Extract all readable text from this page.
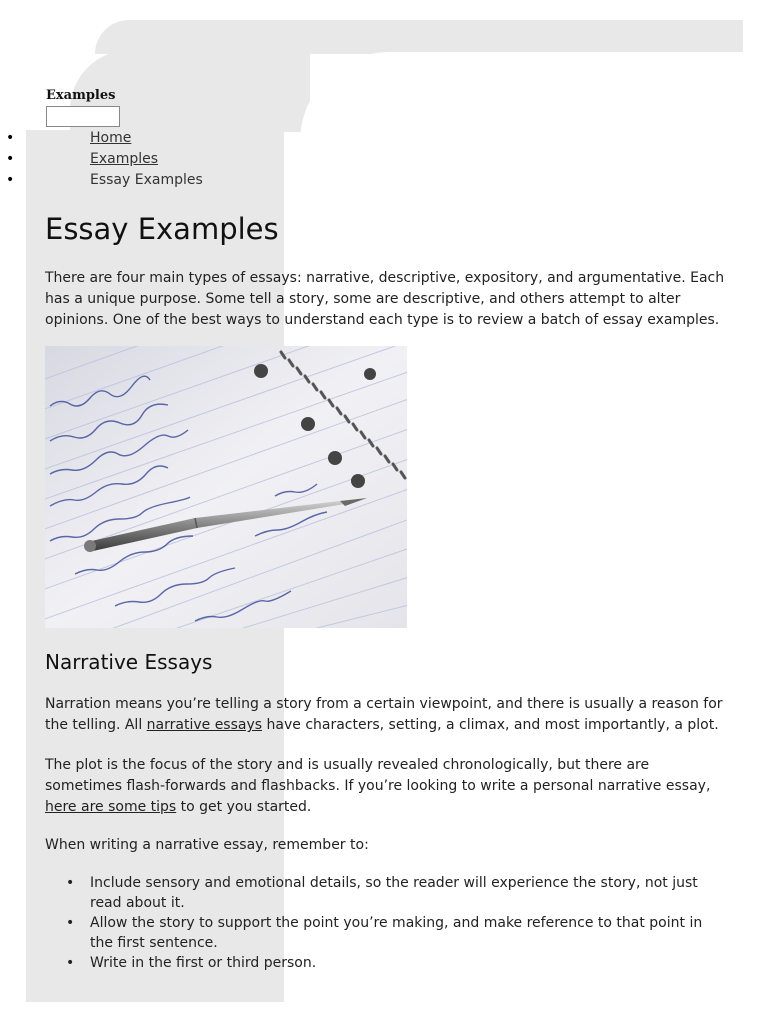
Examples
• Home
• Examples
• Essay Examples
Essay Examples

There are four main types of essays: narrative, descriptive, expository, and argumentative. Each has a unique purpose. Some tell a story, some are descriptive, and others attempt to alter opinions. One of the best ways to understand each type is to review a batch of essay examples.

Narrative Essays

Narration means you’re telling a story from a certain viewpoint, and there is usually a reason for the telling. All narrative essays have characters, setting, a climax, and most importantly, a plot.

The plot is the focus of the story and is usually revealed chronologically, but there are sometimes flash-forwards and flashbacks. If you’re looking to write a personal narrative essay, here are some tips to get you started.

When writing a narrative essay, remember to:

• Include sensory and emotional details, so the reader will experience the story, not just read about it.
• Allow the story to support the point you’re making, and make reference to that point in the first sentence.
• Write in the first or third person.
